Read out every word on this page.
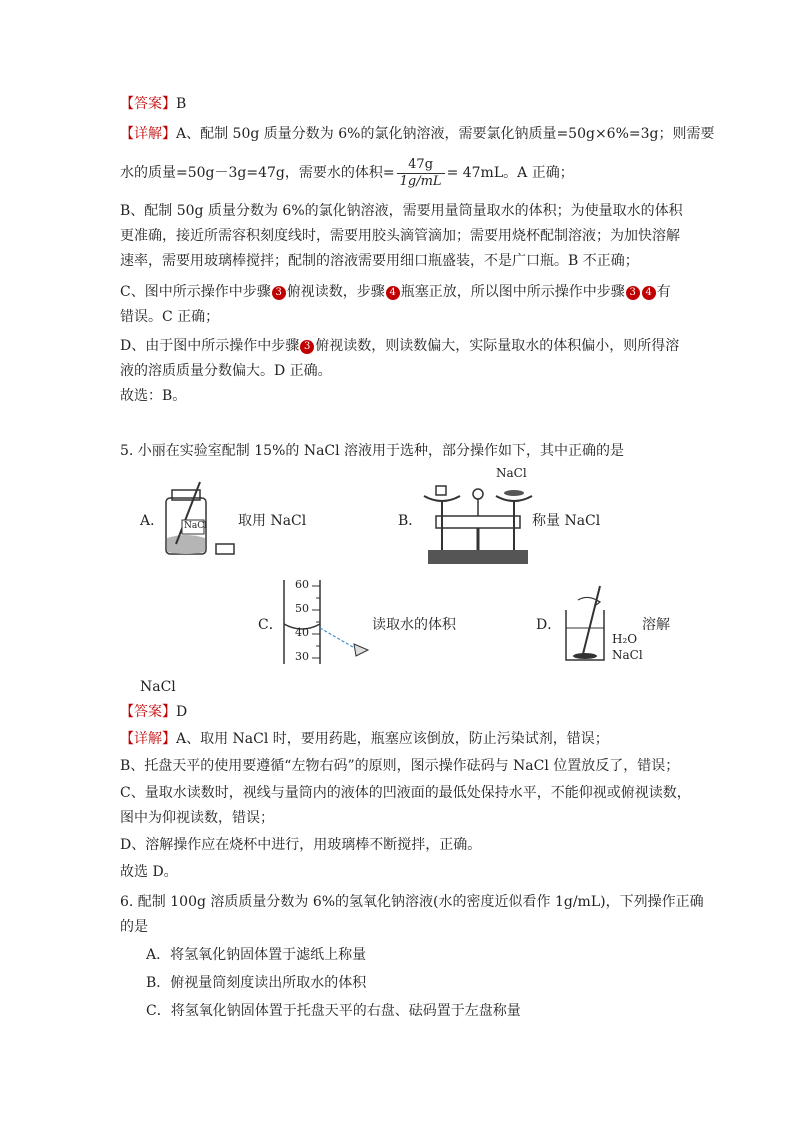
【答案】B
【详解】A、配制 50g 质量分数为 6%的氯化钠溶液，需要氯化钠质量=50g×6%=3g；则需要
水的质量=50g－3g=47g，需要水的体积= $\frac{47g}{1g/mL} = 47mL$。A 正确；
B、配制 50g 质量分数为 6%的氯化钠溶液，需要用量筒量取水的体积；为使量取水的体积
更准确，接近所需容积刻度线时，需要用胶头滴管滴加；需要用烧杯配制溶液；为加快溶解
速率，需要用玻璃棒搅拌；配制的溶液需要用细口瓶盛装，不是广口瓶。B 不正确；
C、图中所示操作中步骤 3 俯视读数，步骤 4 瓶塞正放，所以图中所示操作中步骤 3 4 有
错误。C 正确；
D、由于图中所示操作中步骤 3 俯视读数，则读数偏大，实际量取水的体积偏小，则所得溶
液的溶质质量分数偏大。D 正确。
故选：B。
5. 小丽在实验室配制 15%的 NaCl 溶液用于选种，部分操作如下，其中正确的是
A． NaCl 取用 NaCl	B．
NaCl
称量 NaCl
C．
60
50
40
30
读取水的体积	D．
H₂O
NaCl
溶解
NaCl
【答案】D
【详解】A、取用 NaCl 时，要用药匙，瓶塞应该倒放，防止污染试剂，错误；
B、托盘天平的使用要遵循“左物右码”的原则，图示操作砝码与 NaCl 位置放反了，错误；
C、量取水读数时，视线与量筒内的液体的凹液面的最低处保持水平，不能仰视或俯视读数，
图中为仰视读数，错误；
D、溶解操作应在烧杯中进行，用玻璃棒不断搅拌，正确。
故选 D。
6. 配制 100g 溶质质量分数为 6%的氢氧化钠溶液(水的密度近似看作 1g/mL)，下列操作正确
的是
A．将氢氧化钠固体置于滤纸上称量
B．俯视量筒刻度读出所取水的体积
C．将氢氧化钠固体置于托盘天平的右盘、砝码置于左盘称量
